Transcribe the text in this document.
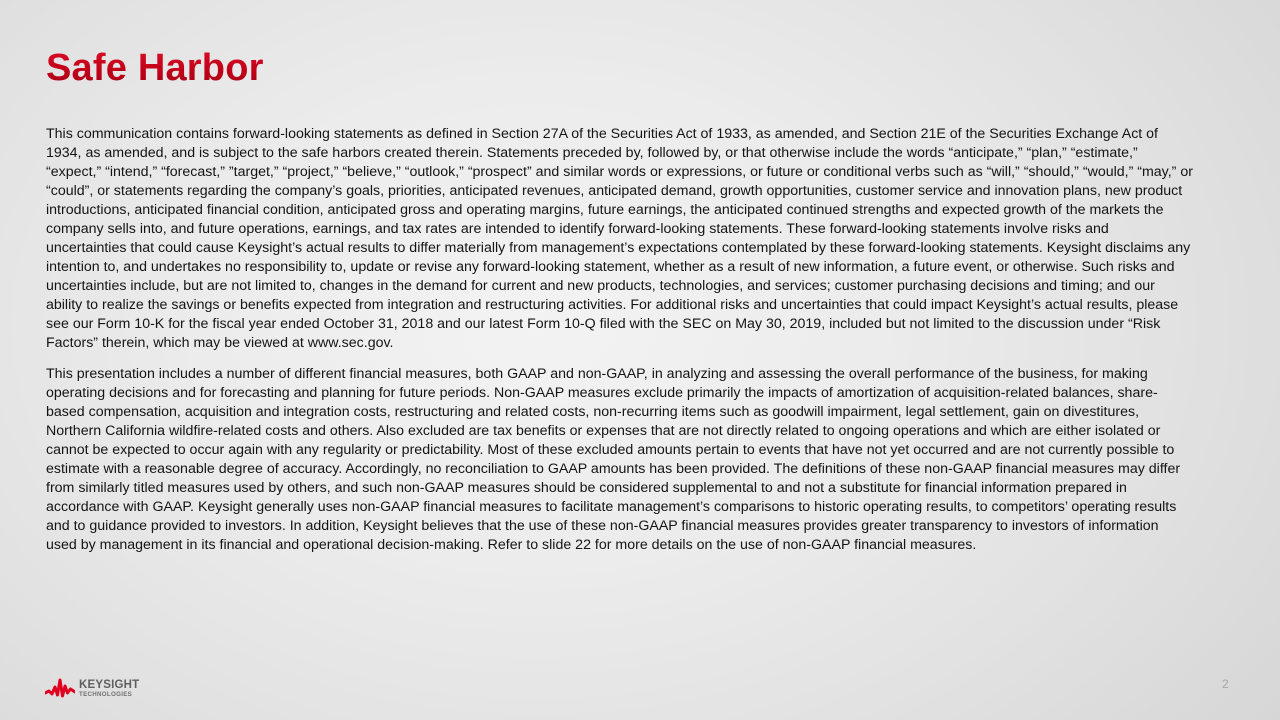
Safe Harbor

This communication contains forward-looking statements as defined in Section 27A of the Securities Act of 1933, as amended, and Section 21E of the Securities Exchange Act of
1934, as amended, and is subject to the safe harbors created therein. Statements preceded by, followed by, or that otherwise include the words “anticipate,” “plan,” “estimate,”
“expect,” “intend,” “forecast,” ”target,” “project,” “believe,” “outlook,” “prospect” and similar words or expressions, or future or conditional verbs such as “will,” “should,” “would,” “may,” or
“could”, or statements regarding the company’s goals, priorities, anticipated revenues, anticipated demand, growth opportunities, customer service and innovation plans, new product
introductions, anticipated financial condition, anticipated gross and operating margins, future earnings, the anticipated continued strengths and expected growth of the markets the
company sells into, and future operations, earnings, and tax rates are intended to identify forward-looking statements. These forward-looking statements involve risks and
uncertainties that could cause Keysight’s actual results to differ materially from management’s expectations contemplated by these forward-looking statements. Keysight disclaims any
intention to, and undertakes no responsibility to, update or revise any forward-looking statement, whether as a result of new information, a future event, or otherwise. Such risks and
uncertainties include, but are not limited to, changes in the demand for current and new products, technologies, and services; customer purchasing decisions and timing; and our
ability to realize the savings or benefits expected from integration and restructuring activities. For additional risks and uncertainties that could impact Keysight’s actual results, please
see our Form 10-K for the fiscal year ended October 31, 2018 and our latest Form 10-Q filed with the SEC on May 30, 2019, included but not limited to the discussion under “Risk
Factors” therein, which may be viewed at www.sec.gov.

This presentation includes a number of different financial measures, both GAAP and non-GAAP, in analyzing and assessing the overall performance of the business, for making
operating decisions and for forecasting and planning for future periods. Non-GAAP measures exclude primarily the impacts of amortization of acquisition-related balances, share-
based compensation, acquisition and integration costs, restructuring and related costs, non-recurring items such as goodwill impairment, legal settlement, gain on divestitures,
Northern California wildfire-related costs and others. Also excluded are tax benefits or expenses that are not directly related to ongoing operations and which are either isolated or
cannot be expected to occur again with any regularity or predictability. Most of these excluded amounts pertain to events that have not yet occurred and are not currently possible to
estimate with a reasonable degree of accuracy. Accordingly, no reconciliation to GAAP amounts has been provided. The definitions of these non-GAAP financial measures may differ
from similarly titled measures used by others, and such non-GAAP measures should be considered supplemental to and not a substitute for financial information prepared in
accordance with GAAP. Keysight generally uses non-GAAP financial measures to facilitate management’s comparisons to historic operating results, to competitors’ operating results
and to guidance provided to investors. In addition, Keysight believes that the use of these non-GAAP financial measures provides greater transparency to investors of information
used by management in its financial and operational decision-making. Refer to slide 22 for more details on the use of non-GAAP financial measures.

KEYSIGHT
TECHNOLOGIES
2
